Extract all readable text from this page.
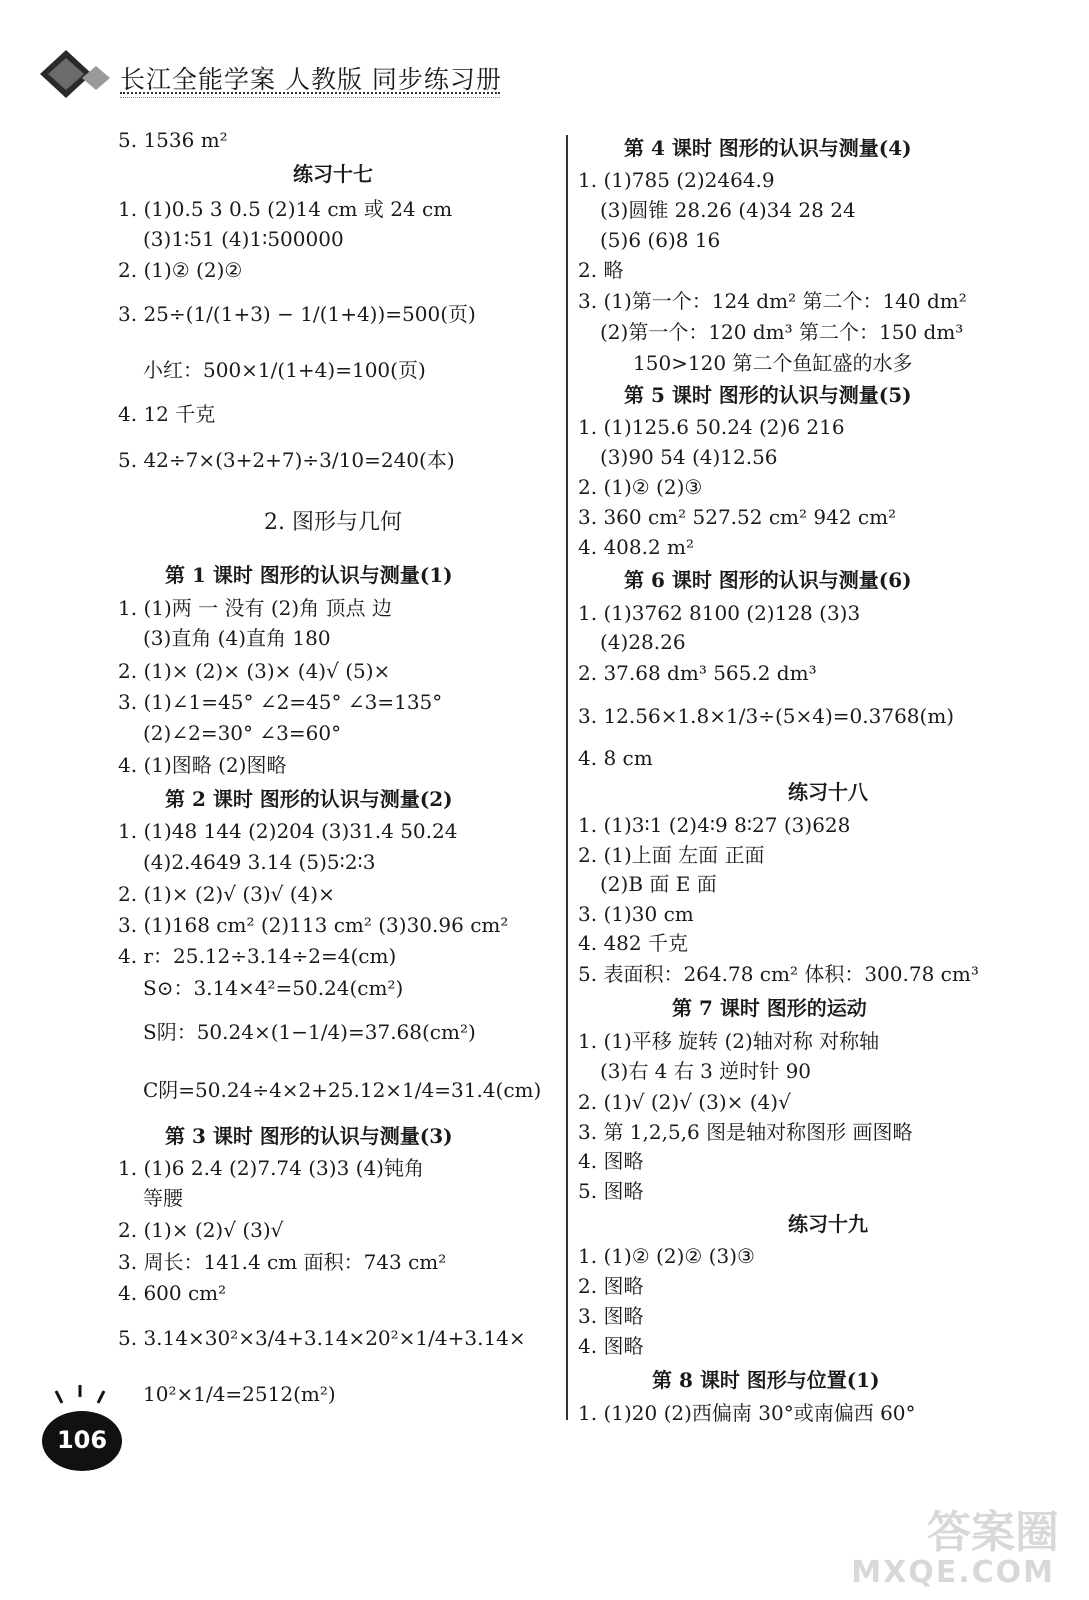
长江全能学案 人教版 同步练习册
5. 1536 m²
练习十七
1. (1)0.5 3 0.5 (2)14 cm 或 24 cm
(3)1∶51 (4)1∶500000
2. (1)② (2)②
3. 25÷(1/(1+3) − 1/(1+4))=500(页)
小红：500×1/(1+4)=100(页)
4. 12 千克
5. 42÷7×(3+2+7)÷3/10=240(本)
2. 图形与几何
第 1 课时 图形的认识与测量(1)
1. (1)两 一 没有 (2)角 顶点 边
(3)直角 (4)直角 180
2. (1)× (2)× (3)× (4)√ (5)×
3. (1)∠1=45° ∠2=45° ∠3=135°
(2)∠2=30° ∠3=60°
4. (1)图略 (2)图略
第 2 课时 图形的认识与测量(2)
1. (1)48 144 (2)204 (3)31.4 50.24
(4)2.4649 3.14 (5)5∶2∶3
2. (1)× (2)√ (3)√ (4)×
3. (1)168 cm² (2)113 cm² (3)30.96 cm²
4. r：25.12÷3.14÷2=4(cm)
S⊙：3.14×4²=50.24(cm²)
S阴：50.24×(1−1/4)=37.68(cm²)
C阴=50.24÷4×2+25.12×1/4=31.4(cm)
第 3 课时 图形的认识与测量(3)
1. (1)6 2.4 (2)7.74 (3)3 (4)钝角
等腰
2. (1)× (2)√ (3)√
3. 周长：141.4 cm 面积：743 cm²
4. 600 cm²
5. 3.14×30²×3/4+3.14×20²×1/4+3.14×
10²×1/4=2512(m²)
第 4 课时 图形的认识与测量(4)
1. (1)785 (2)2464.9
(3)圆锥 28.26 (4)34 28 24
(5)6 (6)8 16
2. 略
3. (1)第一个：124 dm² 第二个：140 dm²
(2)第一个：120 dm³ 第二个：150 dm³
150>120 第二个鱼缸盛的水多
第 5 课时 图形的认识与测量(5)
1. (1)125.6 50.24 (2)6 216
(3)90 54 (4)12.56
2. (1)② (2)③
3. 360 cm² 527.52 cm² 942 cm²
4. 408.2 m²
第 6 课时 图形的认识与测量(6)
1. (1)3762 8100 (2)128 (3)3
(4)28.26
2. 37.68 dm³ 565.2 dm³
3. 12.56×1.8×1/3÷(5×4)=0.3768(m)
4. 8 cm
练习十八
1. (1)3∶1 (2)4∶9 8∶27 (3)628
2. (1)上面 左面 正面
(2)B 面 E 面
3. (1)30 cm
4. 482 千克
5. 表面积：264.78 cm² 体积：300.78 cm³
第 7 课时 图形的运动
1. (1)平移 旋转 (2)轴对称 对称轴
(3)右 4 右 3 逆时针 90
2. (1)√ (2)√ (3)× (4)√
3. 第 1,2,5,6 图是轴对称图形 画图略
4. 图略
5. 图略
练习十九
1. (1)② (2)② (3)③
2. 图略
3. 图略
4. 图略
第 8 课时 图形与位置(1)
1. (1)20 (2)西偏南 30°或南偏西 60°
106
答案圈
MXQE.COM
